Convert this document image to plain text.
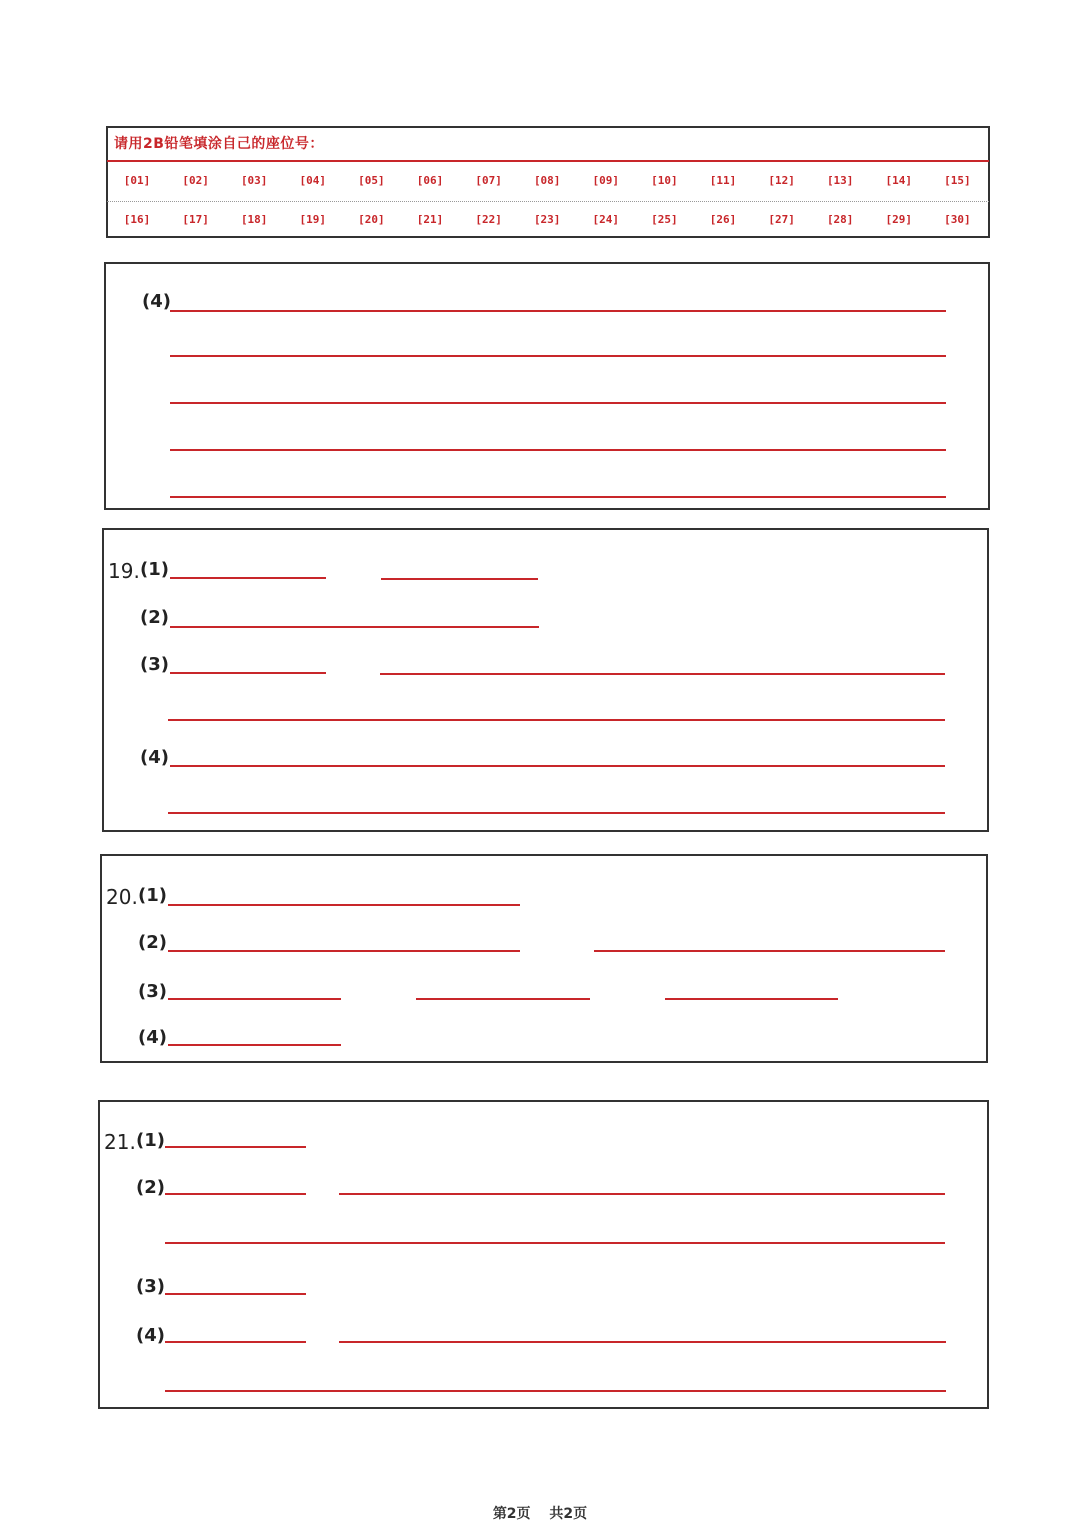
请用2B铅笔填涂自己的座位号：
[01]	[02]	[03]	[04]	[05]	[06]	[07]	[08]	[09]	[10]	[11]	[12]	[13]	[14]	[15]
[16]	[17]	[18]	[19]	[20]	[21]	[22]	[23]	[24]	[25]	[26]	[27]	[28]	[29]	[30]
(4)
19. (1)
(2)
(3)
(4)
20. (1)
(2)
(3)
(4)
21. (1)
(2)
(3)
(4)
第2页 共2页
